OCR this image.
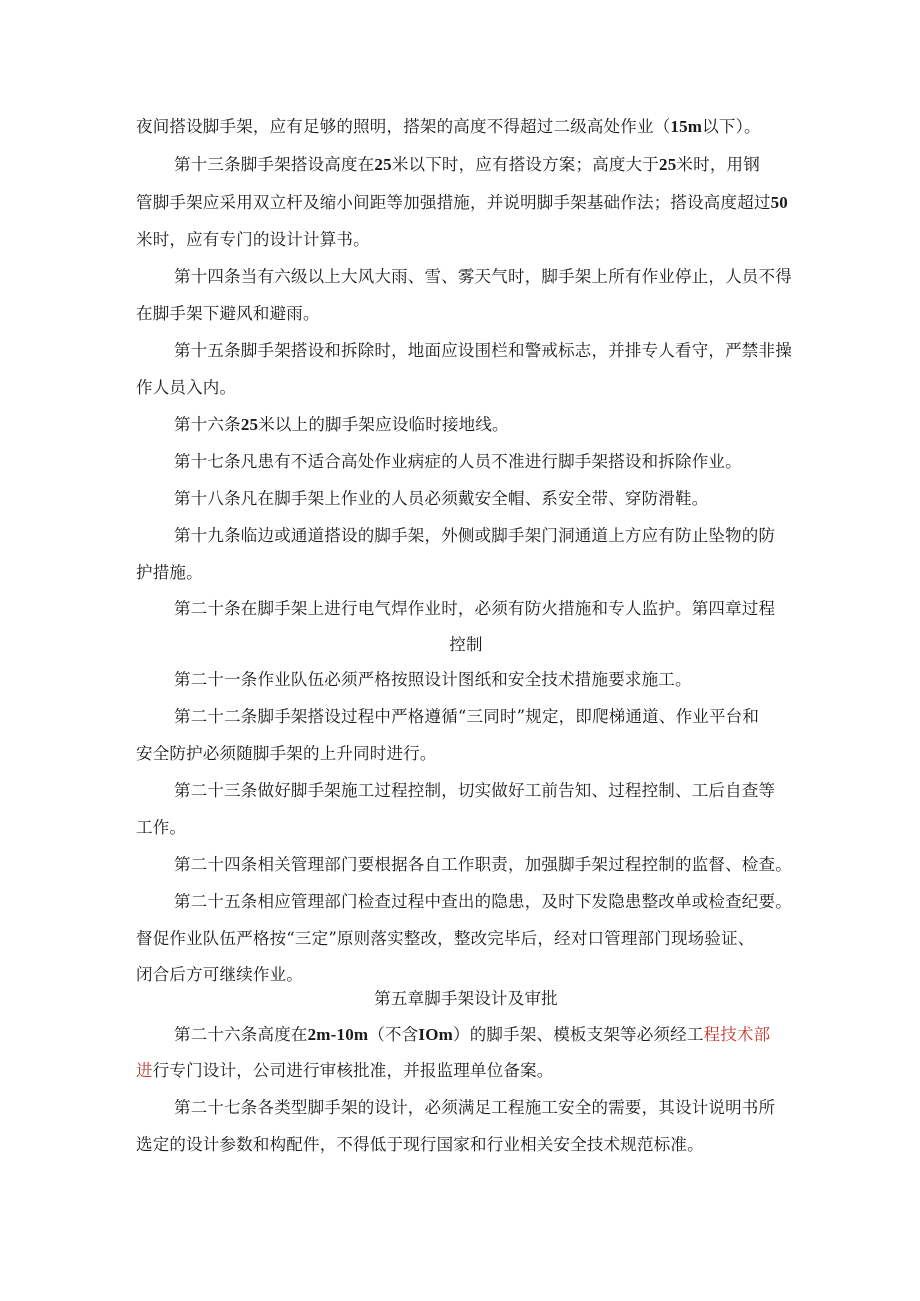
夜间搭设脚手架，应有足够的照明，搭架的高度不得超过二级高处作业（15m以下）。
第十三条脚手架搭设高度在25米以下时，应有搭设方案；高度大于25米时，用钢
管脚手架应采用双立杆及缩小间距等加强措施，并说明脚手架基础作法；搭设高度超过50
米时，应有专门的设计计算书。
第十四条当有六级以上大风大雨、雪、雾天气时，脚手架上所有作业停止，人员不得
在脚手架下避风和避雨。
第十五条脚手架搭设和拆除时，地面应设围栏和警戒标志，并排专人看守，严禁非操
作人员入内。
第十六条25米以上的脚手架应设临时接地线。
第十七条凡患有不适合高处作业病症的人员不准进行脚手架搭设和拆除作业。
第十八条凡在脚手架上作业的人员必须戴安全帽、系安全带、穿防滑鞋。
第十九条临边或通道搭设的脚手架，外侧或脚手架门洞通道上方应有防止坠物的防
护措施。
第二十条在脚手架上进行电气焊作业时，必须有防火措施和专人监护。第四章过程
控制
第二十一条作业队伍必须严格按照设计图纸和安全技术措施要求施工。
第二十二条脚手架搭设过程中严格遵循“三同时”规定，即爬梯通道、作业平台和
安全防护必须随脚手架的上升同时进行。
第二十三条做好脚手架施工过程控制，切实做好工前告知、过程控制、工后自查等
工作。
第二十四条相关管理部门要根据各自工作职责，加强脚手架过程控制的监督、检查。
第二十五条相应管理部门检查过程中查出的隐患，及时下发隐患整改单或检查纪要。
督促作业队伍严格按“三定”原则落实整改，整改完毕后，经对口管理部门现场验证、
闭合后方可继续作业。
第五章脚手架设计及审批
第二十六条高度在2m-10m（不含IOm）的脚手架、模板支架等必须经工程技术部
进行专门设计，公司进行审核批准，并报监理单位备案。
第二十七条各类型脚手架的设计，必须满足工程施工安全的需要，其设计说明书所
选定的设计参数和构配件，不得低于现行国家和行业相关安全技术规范标准。
